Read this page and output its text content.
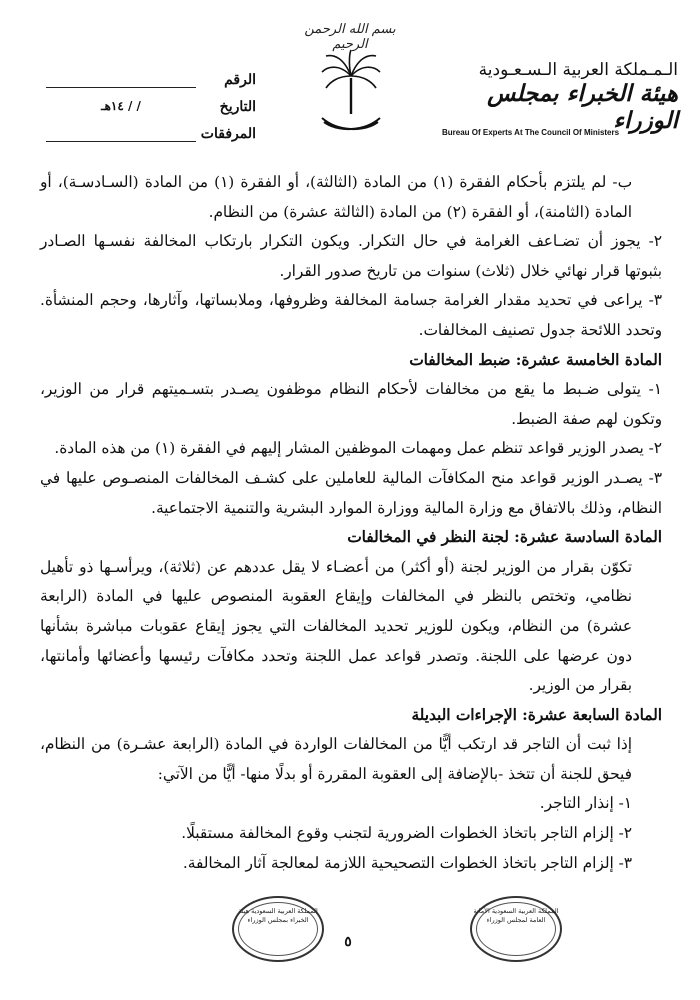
بسم الله الرحمن الرحيم
الـمـملكة العربية الـسـعـودية
هيئة الخبراء بمجلس الوزراء
Bureau Of Experts At The Council Of Ministers
الرقم
التاريخ
/ / ١٤هـ
المرفقات

ب- لم يلتزم بأحكام الفقرة (١) من المادة (الثالثة)، أو الفقرة (١) من المادة (السـادسـة)، أو المادة (الثامنة)، أو الفقرة (٢) من المادة (الثالثة عشرة) من النظام.

٢- يجوز أن تضـاعف الغرامة في حال التكرار. ويكون التكرار بارتكاب المخالفة نفسـها الصـادر بثبوتها قرار نهائي خلال (ثلاث) سنوات من تاريخ صدور القرار.

٣- يراعى في تحديد مقدار الغرامة جسامة المخالفة وظروفها، وملابساتها، وآثارها، وحجم المنشأة. وتحدد اللائحة جدول تصنيف المخالفات.

المادة الخامسة عشرة: ضبط المخالفات

١- يتولى ضـبط ما يقع من مخالفات لأحكام النظام موظفون يصـدر بتسـميتهم قرار من الوزير، وتكون لهم صفة الضبط.

٢- يصدر الوزير قواعد تنظم عمل ومهمات الموظفين المشار إليهم في الفقرة (١) من هذه المادة.

٣- يصـدر الوزير قواعد منح المكافآت المالية للعاملين على كشـف المخالفات المنصـوص عليها في النظام، وذلك بالاتفاق مع وزارة المالية ووزارة الموارد البشرية والتنمية الاجتماعية.

المادة السادسة عشرة: لجنة النظر في المخالفات

تكوّن بقرار من الوزير لجنة (أو أكثر) من أعضـاء لا يقل عددهم عن (ثلاثة)، ويرأسـها ذو تأهيل نظامي، وتختص بالنظر في المخالفات وإيقاع العقوبة المنصوص عليها في المادة (الرابعة عشرة) من النظام، ويكون للوزير تحديد المخالفات التي يجوز إيقاع عقوبات مباشرة بشأنها دون عرضها على اللجنة. وتصدر قواعد عمل اللجنة وتحدد مكافآت رئيسها وأعضائها وأمانتها، بقرار من الوزير.

المادة السابعة عشرة: الإجراءات البديلة

إذا ثبت أن التاجر قد ارتكب أيًّا من المخالفات الواردة في المادة (الرابعة عشـرة) من النظام، فيحق للجنة أن تتخذ -بالإضافة إلى العقوبة المقررة أو بدلًا منها- أيًّا من الآتي:

١- إنذار التاجر.

٢- إلزام التاجر باتخاذ الخطوات الضرورية لتجنب وقوع المخالفة مستقبلًا.

٣- إلزام التاجر باتخاذ الخطوات التصحيحية اللازمة لمعالجة آثار المخالفة.

المملكة العربية السعودية هيئة الخبراء بمجلس الوزراء
٥
المملكة العربية السعودية الأمانة العامة لمجلس الوزراء
